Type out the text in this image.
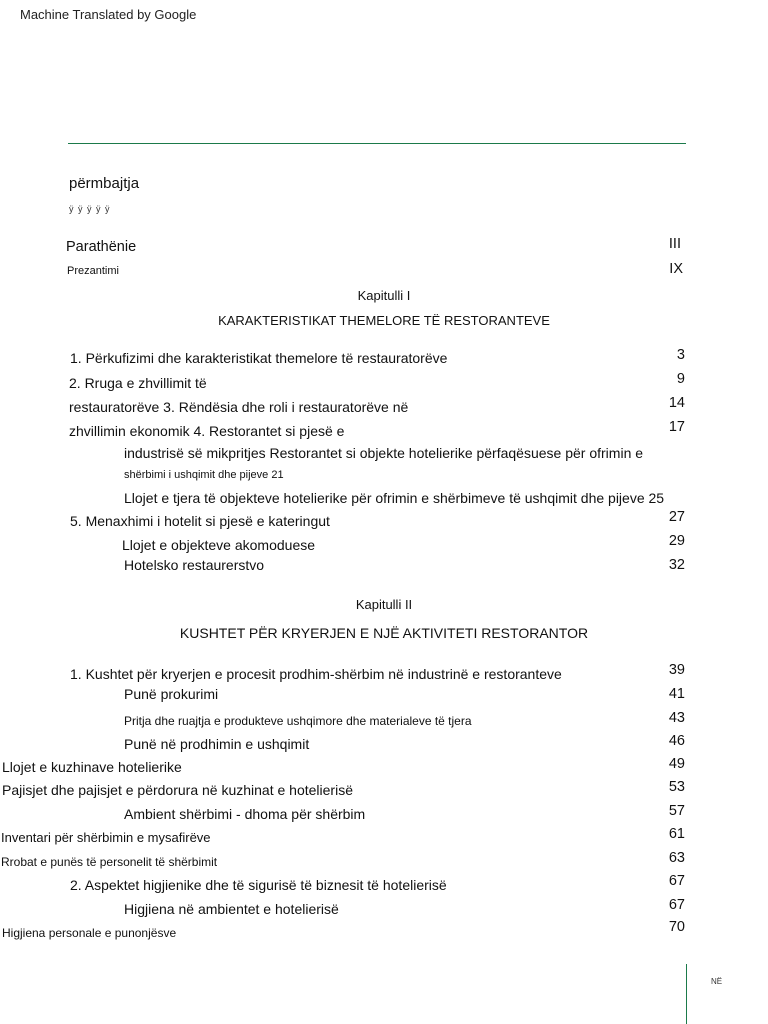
Machine Translated by Google
përmbajtja
ÿ ÿ ÿ ÿ ÿ
Parathënie	III
Prezantimi	IX
Kapitulli I
KARAKTERISTIKAT THEMELORE TË RESTORANTEVE
1. Përkufizimi dhe karakteristikat themelore të restauratorëve	3
2. Rruga e zhvillimit të	9
restauratorëve 3. Rëndësia dhe roli i restauratorëve në	14
zhvillimin ekonomik 4. Restorantet si pjesë e	17
industrisë së mikpritjes Restorantet si objekte hotelierike përfaqësuese për ofrimin e
shërbimi i ushqimit dhe pijeve 21
Llojet e tjera të objekteve hotelierike për ofrimin e shërbimeve të ushqimit dhe pijeve 25
5. Menaxhimi i hotelit si pjesë e kateringut	27
Llojet e objekteve akomoduese	29
Hotelsko restaurerstvo	32
Kapitulli II
KUSHTET PËR KRYERJEN E NJË AKTIVITETI RESTORANTOR
1. Kushtet për kryerjen e procesit prodhim-shërbim në industrinë e restoranteve	39
Punë prokurimi	41
Pritja dhe ruajtja e produkteve ushqimore dhe materialeve të tjera	43
Punë në prodhimin e ushqimit	46
Llojet e kuzhinave hotelierike	49
Pajisjet dhe pajisjet e përdorura në kuzhinat e hotelierisë	53
Ambient shërbimi - dhoma për shërbim	57
Inventari për shërbimin e mysafirëve	61
Rrobat e punës të personelit të shërbimit	63
2. Aspektet higjienike dhe të sigurisë të biznesit të hotelierisë	67
Higjiena në ambientet e hotelierisë	67
Higjiena personale e punonjësve	70
NË
